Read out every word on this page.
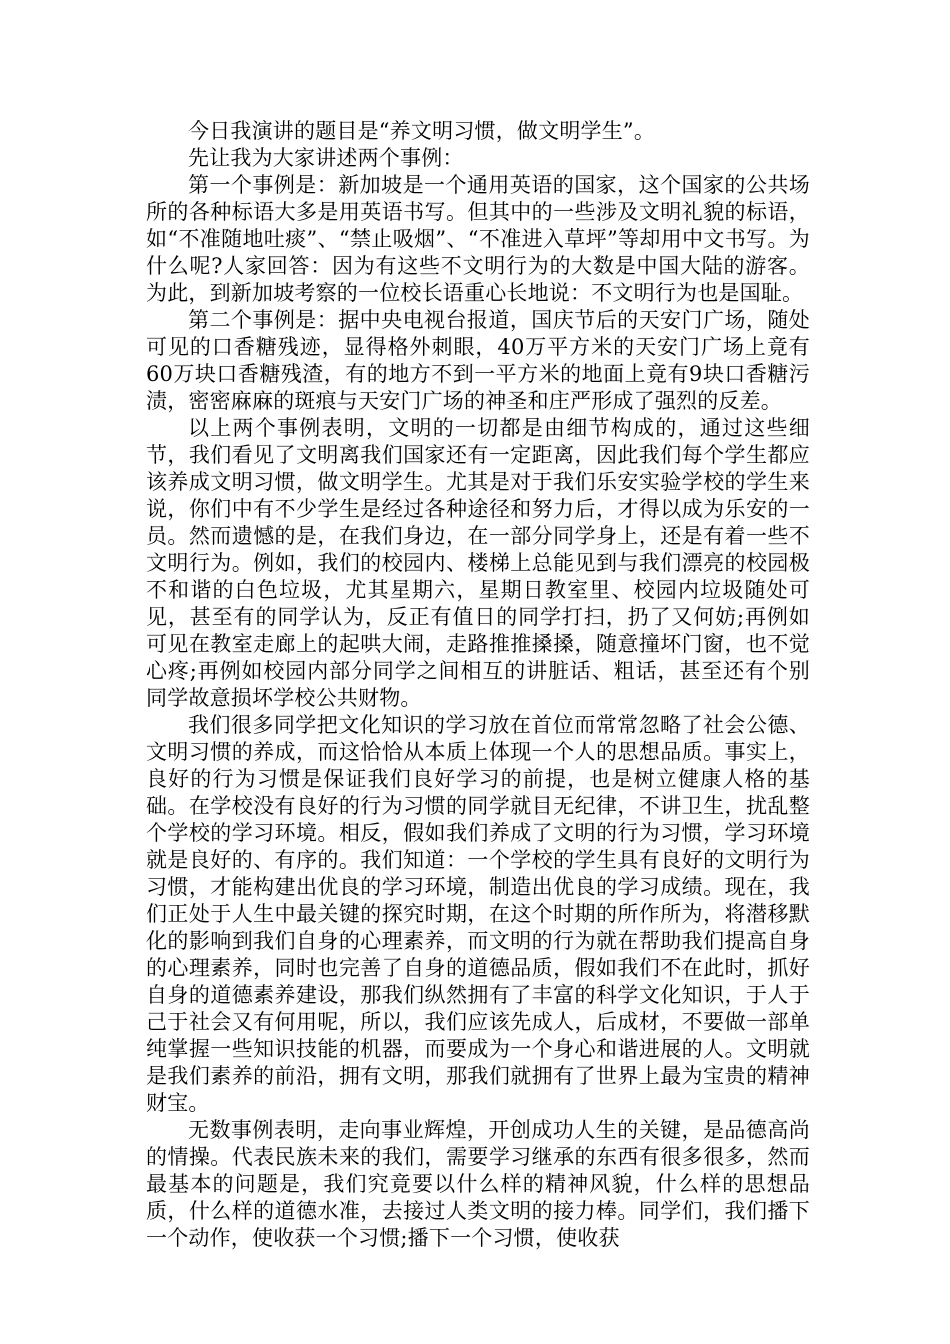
今日我演讲的题目是“养文明习惯，做文明学生”。

先让我为大家讲述两个事例：

第一个事例是：新加坡是一个通用英语的国家，这个国家的公共场所的各种标语大多是用英语书写。但其中的一些涉及文明礼貌的标语，如“不准随地吐痰”、“禁止吸烟”、“不准进入草坪”等却用中文书写。为什么呢?人家回答：因为有这些不文明行为的大数是中国大陆的游客。为此，到新加坡考察的一位校长语重心长地说：不文明行为也是国耻。

第二个事例是：据中央电视台报道，国庆节后的天安门广场，随处可见的口香糖残迹，显得格外刺眼，40万平方米的天安门广场上竟有60万块口香糖残渣，有的地方不到一平方米的地面上竟有9块口香糖污渍，密密麻麻的斑痕与天安门广场的神圣和庄严形成了强烈的反差。

以上两个事例表明，文明的一切都是由细节构成的，通过这些细节，我们看见了文明离我们国家还有一定距离，因此我们每个学生都应该养成文明习惯，做文明学生。尤其是对于我们乐安实验学校的学生来说，你们中有不少学生是经过各种途径和努力后，才得以成为乐安的一员。然而遗憾的是，在我们身边，在一部分同学身上，还是有着一些不文明行为。例如，我们的校园内、楼梯上总能见到与我们漂亮的校园极不和谐的白色垃圾，尤其星期六，星期日教室里、校园内垃圾随处可见，甚至有的同学认为，反正有值日的同学打扫，扔了又何妨;再例如可见在教室走廊上的起哄大闹，走路推推搡搡，随意撞坏门窗，也不觉心疼;再例如校园内部分同学之间相互的讲脏话、粗话，甚至还有个别同学故意损坏学校公共财物。

我们很多同学把文化知识的学习放在首位而常常忽略了社会公德、文明习惯的养成，而这恰恰从本质上体现一个人的思想品质。事实上，良好的行为习惯是保证我们良好学习的前提，也是树立健康人格的基础。在学校没有良好的行为习惯的同学就目无纪律，不讲卫生，扰乱整个学校的学习环境。相反，假如我们养成了文明的行为习惯，学习环境就是良好的、有序的。我们知道：一个学校的学生具有良好的文明行为习惯，才能构建出优良的学习环境，制造出优良的学习成绩。现在，我们正处于人生中最关键的探究时期，在这个时期的所作所为，将潜移默化的影响到我们自身的心理素养，而文明的行为就在帮助我们提高自身的心理素养，同时也完善了自身的道德品质，假如我们不在此时，抓好自身的道德素养建设，那我们纵然拥有了丰富的科学文化知识，于人于己于社会又有何用呢，所以，我们应该先成人，后成材，不要做一部单纯掌握一些知识技能的机器，而要成为一个身心和谐进展的人。文明就是我们素养的前沿，拥有文明，那我们就拥有了世界上最为宝贵的精神财宝。

无数事例表明，走向事业辉煌，开创成功人生的关键，是品德高尚的情操。代表民族未来的我们，需要学习继承的东西有很多很多，然而最基本的问题是，我们究竟要以什么样的精神风貌，什么样的思想品质，什么样的道德水准，去接过人类文明的接力棒。同学们，我们播下一个动作，使收获一个习惯;播下一个习惯，使收获
